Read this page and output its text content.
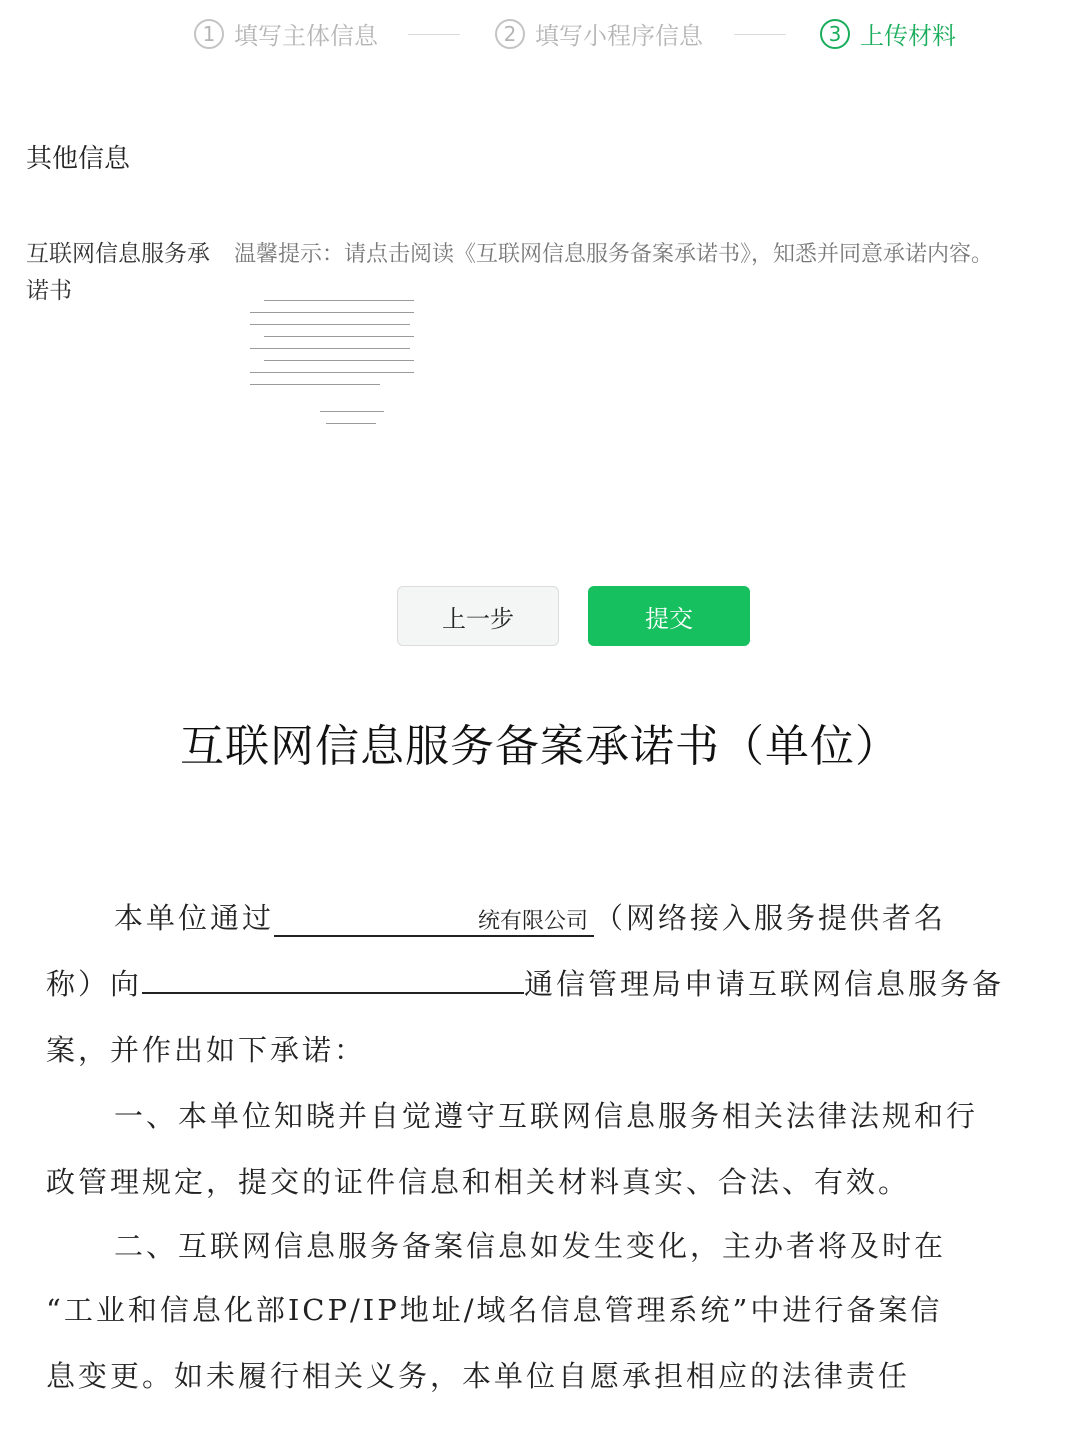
1 填写主体信息	2 填写小程序信息	3 上传材料
其他信息
互联网信息服务承诺书
温馨提示：请点击阅读《互联网信息服务备案承诺书》，知悉并同意承诺内容。
上一步	提交
互联网信息服务备案承诺书（单位）
本单位通过	统有限公司 （网络接入服务提供者名
称）向	通信管理局申请互联网信息服务备
案，并作出如下承诺：
一、本单位知晓并自觉遵守互联网信息服务相关法律法规和行
政管理规定，提交的证件信息和相关材料真实、合法、有效。
二、互联网信息服务备案信息如发生变化，主办者将及时在
“工业和信息化部ICP/IP地址/域名信息管理系统”中进行备案信
息变更。如未履行相关义务，本单位自愿承担相应的法律责任
